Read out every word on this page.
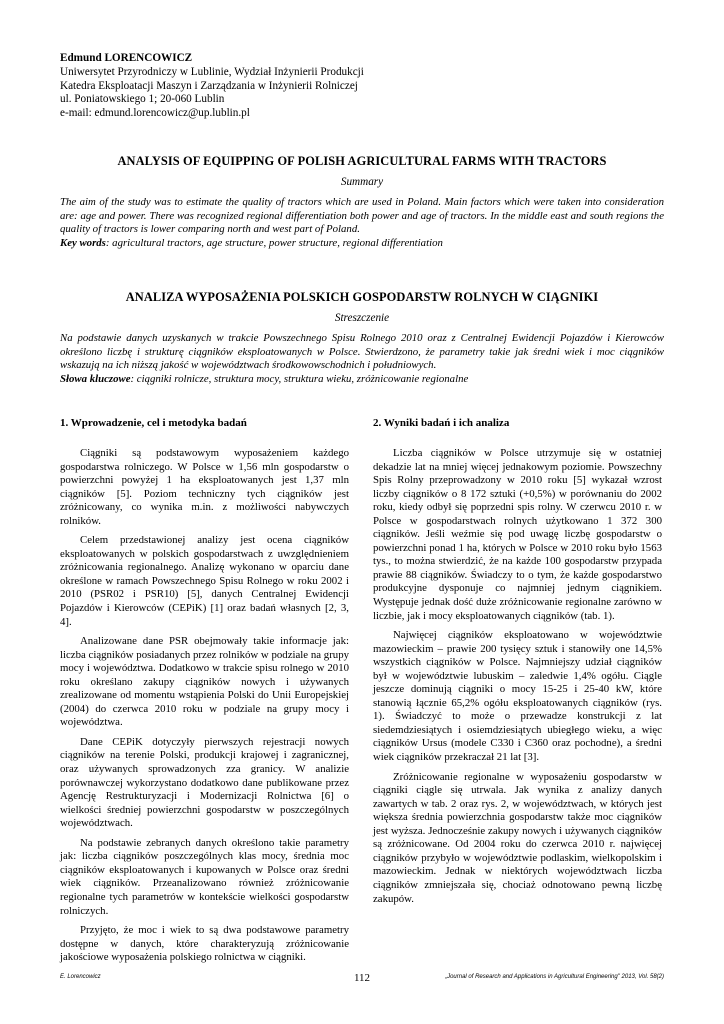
Edmund LORENCOWICZ
Uniwersytet Przyrodniczy w Lublinie, Wydział Inżynierii Produkcji
Katedra Eksploatacji Maszyn i Zarządzania w Inżynierii Rolniczej
ul. Poniatowskiego 1; 20-060 Lublin
e-mail: edmund.lorencowicz@up.lublin.pl
ANALYSIS OF EQUIPPING OF POLISH AGRICULTURAL FARMS WITH TRACTORS
Summary
The aim of the study was to estimate the quality of tractors which are used in Poland. Main factors which were taken into consideration are: age and power. There was recognized regional differentiation both power and age of tractors. In the middle east and south regions the quality of tractors is lower comparing north and west part of Poland.
Key words: agricultural tractors, age structure, power structure, regional differentiation
ANALIZA WYPOSAŻENIA POLSKICH GOSPODARSTW ROLNYCH W CIĄGNIKI
Streszczenie
Na podstawie danych uzyskanych w trakcie Powszechnego Spisu Rolnego 2010 oraz z Centralnej Ewidencji Pojazdów i Kierowców określono liczbę i strukturę ciągników eksploatowanych w Polsce. Stwierdzono, że parametry takie jak średni wiek i moc ciągników wskazują na ich niższą jakość w województwach środkowowschodnich i południowych.
Słowa kluczowe: ciągniki rolnicze, struktura mocy, struktura wieku, zróżnicowanie regionalne
1. Wprowadzenie, cel i metodyka badań

Ciągniki są podstawowym wyposażeniem każdego gospodarstwa rolniczego. W Polsce w 1,56 mln gospodarstw o powierzchni powyżej 1 ha eksploatowanych jest 1,37 mln ciągników [5]. Poziom techniczny tych ciągników jest zróżnicowany, co wynika m.in. z możliwości nabywczych rolników.

Celem przedstawionej analizy jest ocena ciągników eksploatowanych w polskich gospodarstwach z uwzględnieniem zróżnicowania regionalnego. Analizę wykonano w oparciu dane określone w ramach Powszechnego Spisu Rolnego w roku 2002 i 2010 (PSR02 i PSR10) [5], danych Centralnej Ewidencji Pojazdów i Kierowców (CEPiK) [1] oraz badań własnych [2, 3, 4].

Analizowane dane PSR obejmowały takie informacje jak: liczba ciągników posiadanych przez rolników w podziale na grupy mocy i województwa. Dodatkowo w trakcie spisu rolnego w 2010 roku określano zakupy ciągników nowych i używanych zrealizowane od momentu wstąpienia Polski do Unii Europejskiej (2004) do czerwca 2010 roku w podziale na grupy mocy i województwa.

Dane CEPiK dotyczyły pierwszych rejestracji nowych ciągników na terenie Polski, produkcji krajowej i zagranicznej, oraz używanych sprowadzonych zza granicy. W analizie porównawczej wykorzystano dodatkowo dane publikowane przez Agencję Restrukturyzacji i Modernizacji Rolnictwa [6] o wielkości średniej powierzchni gospodarstw w poszczególnych województwach.

Na podstawie zebranych danych określono takie parametry jak: liczba ciągników poszczególnych klas mocy, średnia moc ciągników eksploatowanych i kupowanych w Polsce oraz średni wiek ciągników. Przeanalizowano również zróżnicowanie regionalne tych parametrów w kontekście wielkości gospodarstw rolniczych.

Przyjęto, że moc i wiek to są dwa podstawowe parametry dostępne w danych, które charakteryzują zróżnicowanie jakościowe wyposażenia polskiego rolnictwa w ciągniki.

2. Wyniki badań i ich analiza

Liczba ciągników w Polsce utrzymuje się w ostatniej dekadzie lat na mniej więcej jednakowym poziomie. Powszechny Spis Rolny przeprowadzony w 2010 roku [5] wykazał wzrost liczby ciągników o 8 172 sztuki (+0,5%) w porównaniu do 2002 roku, kiedy odbył się poprzedni spis rolny. W czerwcu 2010 r. w Polsce w gospodarstwach rolnych użytkowano 1 372 300 ciągników. Jeśli weźmie się pod uwagę liczbę gospodarstw o powierzchni ponad 1 ha, których w Polsce w 2010 roku było 1563 tys., to można stwierdzić, że na każde 100 gospodarstw przypada prawie 88 ciągników. Świadczy to o tym, że każde gospodarstwo produkcyjne dysponuje co najmniej jednym ciągnikiem. Występuje jednak dość duże zróżnicowanie regionalne zarówno w liczbie, jak i mocy eksploatowanych ciągników (tab. 1).

Najwięcej ciągników eksploatowano w województwie mazowieckim – prawie 200 tysięcy sztuk i stanowiły one 14,5% wszystkich ciągników w Polsce. Najmniejszy udział ciągników był w województwie lubuskim – zaledwie 1,4% ogółu. Ciągle jeszcze dominują ciągniki o mocy 15-25 i 25-40 kW, które stanowią łącznie 65,2% ogółu eksploatowanych ciągników (rys. 1). Świadczyć to może o przewadze konstrukcji z lat siedemdziesiątych i osiemdziesiątych ubiegłego wieku, a więc ciągników Ursus (modele C330 i C360 oraz pochodne), a średni wiek ciągników przekraczał 21 lat [3].

Zróżnicowanie regionalne w wyposażeniu gospodarstw w ciągniki ciągle się utrwala. Jak wynika z analizy danych zawartych w tab. 2 oraz rys. 2, w województwach, w których jest większa średnia powierzchnia gospodarstw także moc ciągników jest wyższa. Jednocześnie zakupy nowych i używanych ciągników są zróżnicowane. Od 2004 roku do czerwca 2010 r. najwięcej ciągników przybyło w województwie podlaskim, wielkopolskim i mazowieckim. Jednak w niektórych województwach liczba ciągników zmniejszała się, chociaż odnotowano pewną liczbę zakupów.

E. Lorencowicz	112	„Journal of Research and Applications in Agricultural Engineering" 2013, Vol. 58(2)
